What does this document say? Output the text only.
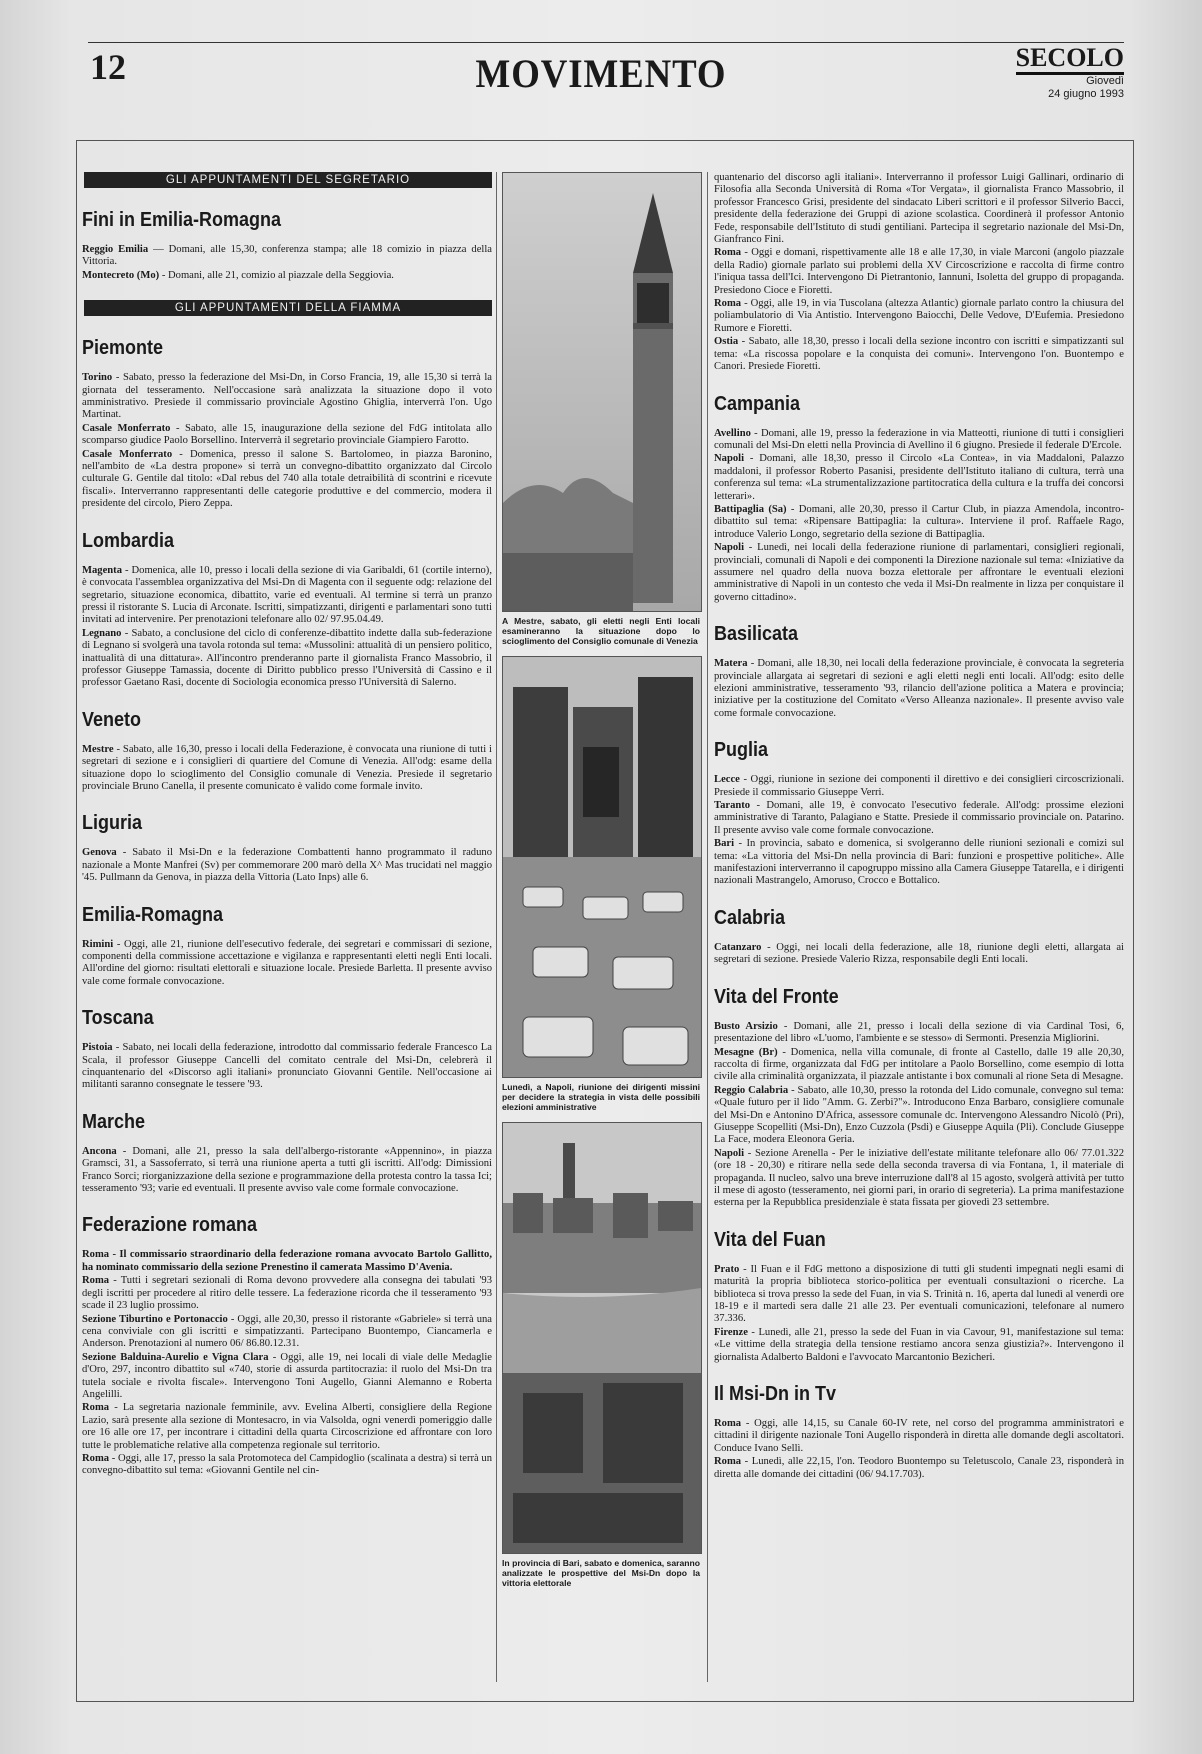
12	MOVIMENTO	SECOLO
Giovedì
24 giugno 1993
GLI APPUNTAMENTI DEL SEGRETARIO
Fini in Emilia-Romagna

Reggio Emilia — Domani, alle 15,30, conferenza stampa; alle 18 comizio in piazza della Vittoria.

Montecreto (Mo) - Domani, alle 21, comizio al piazzale della Seggiovia.

GLI APPUNTAMENTI DELLA FIAMMA
Piemonte

Torino - Sabato, presso la federazione del Msi-Dn, in Corso Francia, 19, alle 15,30 si terrà la giornata del tesseramento. Nell'occasione sarà analizzata la situazione dopo il voto amministrativo. Presiede il commissario provinciale Agostino Ghiglia, interverrà l'on. Ugo Martinat.

Casale Monferrato - Sabato, alle 15, inaugurazione della sezione del FdG intitolata allo scomparso giudice Paolo Borsellino. Interverrà il segretario provinciale Giampiero Farotto.

Casale Monferrato - Domenica, presso il salone S. Bartolomeo, in piazza Baronino, nell'ambito de «La destra propone» si terrà un convegno-dibattito organizzato dal Circolo culturale G. Gentile dal titolo: «Dal rebus del 740 alla totale detraibilità di scontrini e ricevute fiscali». Interverranno rappresentanti delle categorie produttive e del commercio, modera il presidente del circolo, Piero Zeppa.

Lombardia

Magenta - Domenica, alle 10, presso i locali della sezione di via Garibaldi, 61 (cortile interno), è convocata l'assemblea organizzativa del Msi-Dn di Magenta con il seguente odg: relazione del segretario, situazione economica, dibattito, varie ed eventuali. Al termine si terrà un pranzo pressi il ristorante S. Lucia di Arconate. Iscritti, simpatizzanti, dirigenti e parlamentari sono tutti invitati ad intervenire. Per prenotazioni telefonare allo 02/ 97.95.04.49.

Legnano - Sabato, a conclusione del ciclo di conferenze-dibattito indette dalla sub-federazione di Legnano si svolgerà una tavola rotonda sul tema: «Mussolini: attualità di un pensiero politico, inattualità di una dittatura». All'incontro prenderanno parte il giornalista Franco Massobrio, il professor Giuseppe Tamassia, docente di Diritto pubblico presso l'Università di Cassino e il professor Gaetano Rasi, docente di Sociologia economica presso l'Università di Salerno.

Veneto

Mestre - Sabato, alle 16,30, presso i locali della Federazione, è convocata una riunione di tutti i segretari di sezione e i consiglieri di quartiere del Comune di Venezia. All'odg: esame della situazione dopo lo scioglimento del Consiglio comunale di Venezia. Presiede il segretario provinciale Bruno Canella, il presente comunicato è valido come formale invito.

Liguria

Genova - Sabato il Msi-Dn e la federazione Combattenti hanno programmato il raduno nazionale a Monte Manfrei (Sv) per commemorare 200 marò della X^ Mas trucidati nel maggio '45. Pullmann da Genova, in piazza della Vittoria (Lato Inps) alle 6.

Emilia-Romagna

Rimini - Oggi, alle 21, riunione dell'esecutivo federale, dei segretari e commissari di sezione, componenti della commissione accettazione e vigilanza e rappresentanti eletti negli Enti locali. All'ordine del giorno: risultati elettorali e situazione locale. Presiede Barletta. Il presente avviso vale come formale convocazione.

Toscana

Pistoia - Sabato, nei locali della federazione, introdotto dal commissario federale Francesco La Scala, il professor Giuseppe Cancelli del comitato centrale del Msi-Dn, celebrerà il cinquantenario del «Discorso agli italiani» pronunciato Giovanni Gentile. Nell'occasione ai militanti saranno consegnate le tessere '93.

Marche

Ancona - Domani, alle 21, presso la sala dell'albergo-ristorante «Appennino», in piazza Gramsci, 31, a Sassoferrato, si terrà una riunione aperta a tutti gli iscritti. All'odg: Dimissioni Franco Sorci; riorganizzazione della sezione e programmazione della protesta contro la tassa Ici; tesseramento '93; varie ed eventuali. Il presente avviso vale come formale convocazione.

Federazione romana

Roma - Il commissario straordinario della federazione romana avvocato Bartolo Gallitto, ha nominato commissario della sezione Prenestino il camerata Massimo D'Avenia.

Roma - Tutti i segretari sezionali di Roma devono provvedere alla consegna dei tabulati '93 degli iscritti per procedere al ritiro delle tessere. La federazione ricorda che il tesseramento '93 scade il 23 luglio prossimo.

Sezione Tiburtino e Portonaccio - Oggi, alle 20,30, presso il ristorante «Gabriele» si terrà una cena conviviale con gli iscritti e simpatizzanti. Partecipano Buontempo, Ciancamerla e Anderson. Prenotazioni al numero 06/ 86.80.12.31.

Sezione Balduina-Aurelio e Vigna Clara - Oggi, alle 19, nei locali di viale delle Medaglie d'Oro, 297, incontro dibattito sul «740, storie di assurda partitocrazia: il ruolo del Msi-Dn tra tutela sociale e rivolta fiscale». Intervengono Toni Augello, Gianni Alemanno e Roberta Angelilli.

Roma - La segretaria nazionale femminile, avv. Evelina Alberti, consigliere della Regione Lazio, sarà presente alla sezione di Montesacro, in via Valsolda, ogni venerdì pomeriggio dalle ore 16 alle ore 17, per incontrare i cittadini della quarta Circoscrizione ed affrontare con loro tutte le problematiche relative alla competenza regionale sul territorio.

Roma - Oggi, alle 17, presso la sala Protomoteca del Campidoglio (scalinata a destra) si terrà un convegno-dibattito sul tema: «Giovanni Gentile nel cin-

A Mestre, sabato, gli eletti negli Enti locali esamineranno la situazione dopo lo scioglimento del Consiglio comunale di Venezia
Lunedì, a Napoli, riunione dei dirigenti missini per decidere la strategia in vista delle possibili elezioni amministrative
In provincia di Bari, sabato e domenica, saranno analizzate le prospettive del Msi-Dn dopo la vittoria elettorale

quantenario del discorso agli italiani». Interverranno il professor Luigi Gallinari, ordinario di Filosofia alla Seconda Università di Roma «Tor Vergata», il giornalista Franco Massobrio, il professor Francesco Grisi, presidente del sindacato Liberi scrittori e il professor Silverio Bacci, presidente della federazione dei Gruppi di azione scolastica. Coordinerà il professor Antonio Fede, responsabile dell'Istituto di studi gentiliani. Partecipa il segretario nazionale del Msi-Dn, Gianfranco Fini.

Roma - Oggi e domani, rispettivamente alle 18 e alle 17,30, in viale Marconi (angolo piazzale della Radio) giornale parlato sui problemi della XV Circoscrizione e raccolta di firme contro l'iniqua tassa dell'Ici. Intervengono Di Pietrantonio, Iannuni, Isoletta del gruppo di propaganda. Presiedono Cioce e Fioretti.

Roma - Oggi, alle 19, in via Tuscolana (altezza Atlantic) giornale parlato contro la chiusura del poliambulatorio di Via Antistio. Intervengono Baiocchi, Delle Vedove, D'Eufemia. Presiedono Rumore e Fioretti.

Ostia - Sabato, alle 18,30, presso i locali della sezione incontro con iscritti e simpatizzanti sul tema: «La riscossa popolare e la conquista dei comuni». Intervengono l'on. Buontempo e Canori. Presiede Fioretti.

Campania

Avellino - Domani, alle 19, presso la federazione in via Matteotti, riunione di tutti i consiglieri comunali del Msi-Dn eletti nella Provincia di Avellino il 6 giugno. Presiede il federale D'Ercole.

Napoli - Domani, alle 18,30, presso il Circolo «La Contea», in via Maddaloni, Palazzo maddaloni, il professor Roberto Pasanisi, presidente dell'Istituto italiano di cultura, terrà una conferenza sul tema: «La strumentalizzazione partitocratica della cultura e la truffa dei concorsi letterari».

Battipaglia (Sa) - Domani, alle 20,30, presso il Cartur Club, in piazza Amendola, incontro-dibattito sul tema: «Ripensare Battipaglia: la cultura». Interviene il prof. Raffaele Rago, introduce Valerio Longo, segretario della sezione di Battipaglia.

Napoli - Lunedì, nei locali della federazione riunione di parlamentari, consiglieri regionali, provinciali, comunali di Napoli e dei componenti la Direzione nazionale sul tema: «Iniziative da assumere nel quadro della nuova bozza elettorale per affrontare le eventuali elezioni amministrative di Napoli in un contesto che veda il Msi-Dn realmente in lizza per conquistare il governo cittadino».

Basilicata

Matera - Domani, alle 18,30, nei locali della federazione provinciale, è convocata la segreteria provinciale allargata ai segretari di sezioni e agli eletti negli enti locali. All'odg: esito delle elezioni amministrative, tesseramento '93, rilancio dell'azione politica a Matera e provincia; iniziative per la costituzione del Comitato «Verso Alleanza nazionale». Il presente avviso vale come formale convocazione.

Puglia

Lecce - Oggi, riunione in sezione dei componenti il direttivo e dei consiglieri circoscrizionali. Presiede il commissario Giuseppe Verri.

Taranto - Domani, alle 19, è convocato l'esecutivo federale. All'odg: prossime elezioni amministrative di Taranto, Palagiano e Statte. Presiede il commissario provinciale on. Patarino. Il presente avviso vale come formale convocazione.

Bari - In provincia, sabato e domenica, si svolgeranno delle riunioni sezionali e comizi sul tema: «La vittoria del Msi-Dn nella provincia di Bari: funzioni e prospettive politiche». Alle manifestazioni interverranno il capogruppo missino alla Camera Giuseppe Tatarella, e i dirigenti nazionali Mastrangelo, Amoruso, Crocco e Bottalico.

Calabria

Catanzaro - Oggi, nei locali della federazione, alle 18, riunione degli eletti, allargata ai segretari di sezione. Presiede Valerio Rizza, responsabile degli Enti locali.

Vita del Fronte

Busto Arsizio - Domani, alle 21, presso i locali della sezione di via Cardinal Tosi, 6, presentazione del libro «L'uomo, l'ambiente e se stesso» di Sermonti. Presenzia Migliorini.

Mesagne (Br) - Domenica, nella villa comunale, di fronte al Castello, dalle 19 alle 20,30, raccolta di firme, organizzata dal FdG per intitolare a Paolo Borsellino, come esempio di lotta civile alla criminalità organizzata, il piazzale antistante i box comunali al rione Seta di Mesagne.

Reggio Calabria - Sabato, alle 10,30, presso la rotonda del Lido comunale, convegno sul tema: «Quale futuro per il lido "Amm. G. Zerbi?"». Introducono Enza Barbaro, consigliere comunale del Msi-Dn e Antonino D'Africa, assessore comunale dc. Intervengono Alessandro Nicolò (Pri), Giuseppe Scopelliti (Msi-Dn), Enzo Cuzzola (Psdi) e Giuseppe Aquila (Pli). Conclude Giuseppe La Face, modera Eleonora Geria.

Napoli - Sezione Arenella - Per le iniziative dell'estate militante telefonare allo 06/ 77.01.322 (ore 18 - 20,30) e ritirare nella sede della seconda traversa di via Fontana, 1, il materiale di propaganda. Il nucleo, salvo una breve interruzione dall'8 al 15 agosto, svolgerà attività per tutto il mese di agosto (tesseramento, nei giorni pari, in orario di segreteria). La prima manifestazione esterna per la Repubblica presidenziale è stata fissata per giovedì 23 settembre.

Vita del Fuan

Prato - Il Fuan e il FdG mettono a disposizione di tutti gli studenti impegnati negli esami di maturità la propria biblioteca storico-politica per eventuali consultazioni o ricerche. La biblioteca si trova presso la sede del Fuan, in via S. Trinità n. 16, aperta dal lunedì al venerdì ore 18-19 e il martedì sera dalle 21 alle 23. Per eventuali comunicazioni, telefonare al numero 37.336.

Firenze - Lunedì, alle 21, presso la sede del Fuan in via Cavour, 91, manifestazione sul tema: «Le vittime della strategia della tensione restiamo ancora senza giustizia?». Intervengono il giornalista Adalberto Baldoni e l'avvocato Marcantonio Bezicheri.

Il Msi-Dn in Tv

Roma - Oggi, alle 14,15, su Canale 60-IV rete, nel corso del programma amministratori e cittadini il dirigente nazionale Toni Augello risponderà in diretta alle domande degli ascoltatori. Conduce Ivano Sellì.

Roma - Lunedì, alle 22,15, l'on. Teodoro Buontempo su Teletuscolo, Canale 23, risponderà in diretta alle domande dei cittadini (06/ 94.17.703).
